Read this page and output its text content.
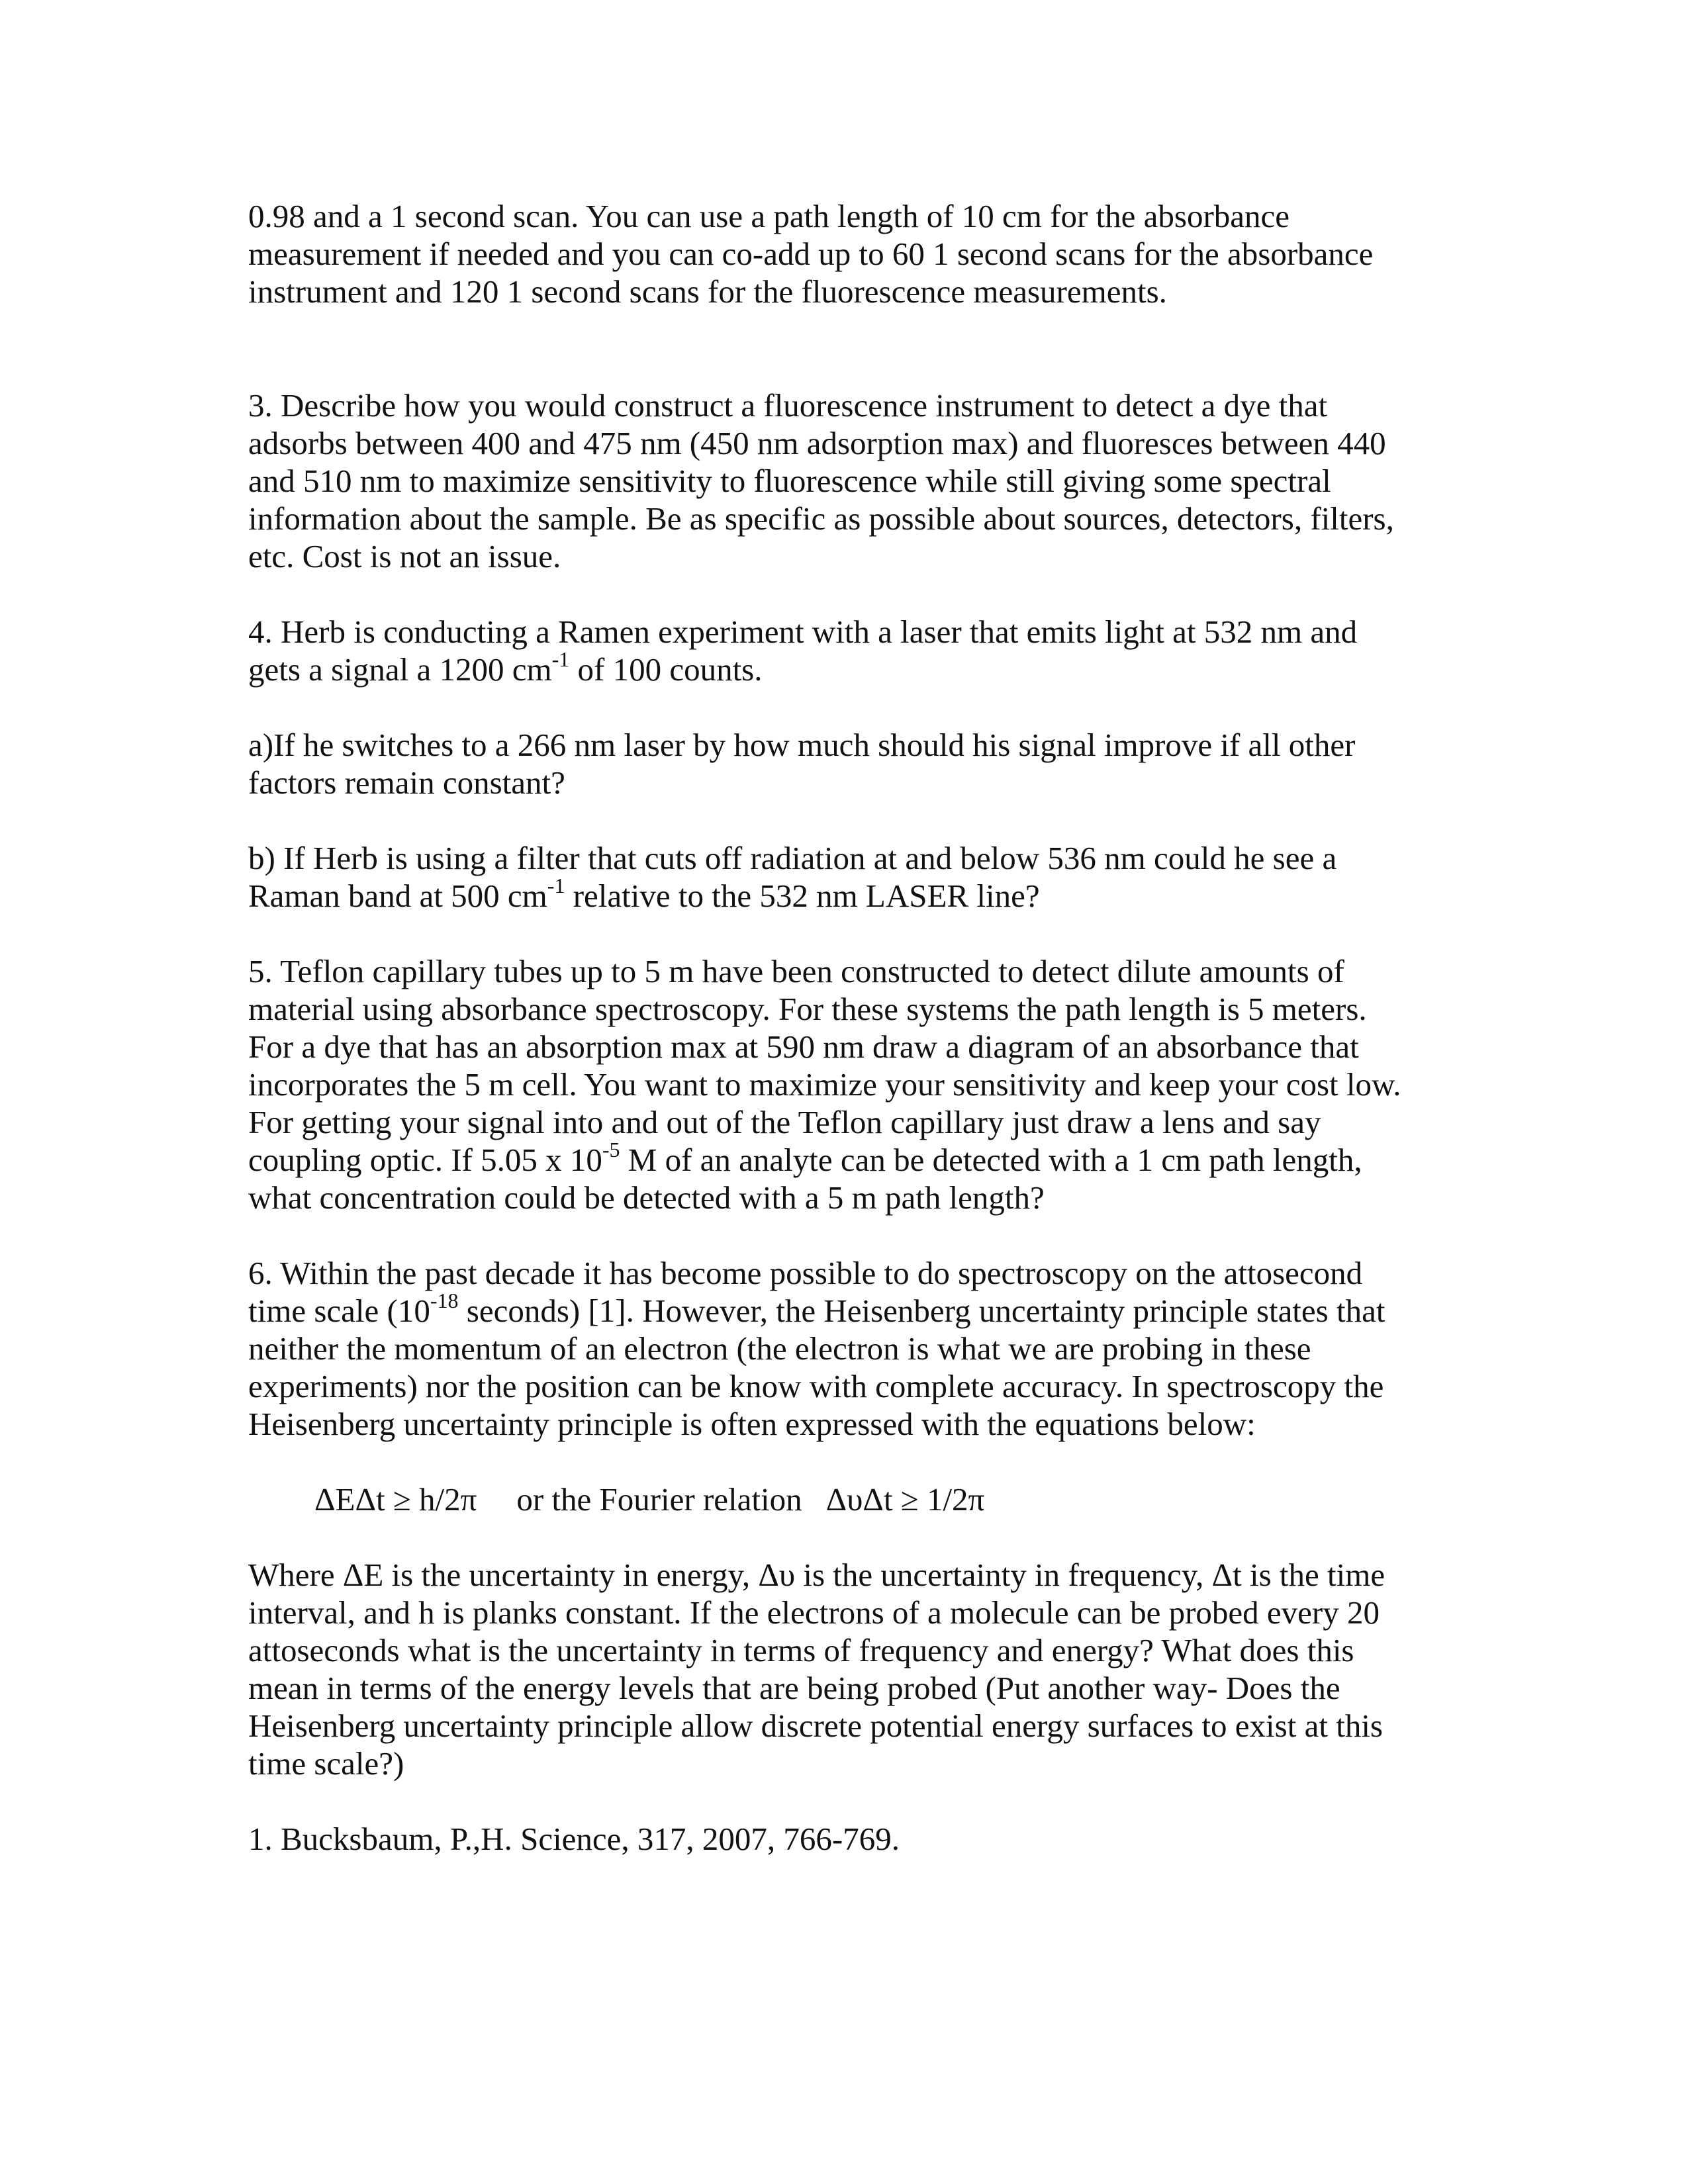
0.98 and a 1 second scan. You can use a path length of 10 cm for the absorbance
measurement if needed and you can co-add up to 60 1 second scans for the absorbance
instrument and 120 1 second scans for the fluorescence measurements.

3. Describe how you would construct a fluorescence instrument to detect a dye that
adsorbs between 400 and 475 nm (450 nm adsorption max) and fluoresces between 440
and 510 nm to maximize sensitivity to fluorescence while still giving some spectral
information about the sample. Be as specific as possible about sources, detectors, filters,
etc. Cost is not an issue.

4. Herb is conducting a Ramen experiment with a laser that emits light at 532 nm and
gets a signal a 1200 $cm^{-1}$ of 100 counts.

a)If he switches to a 266 nm laser by how much should his signal improve if all other
factors remain constant?

b) If Herb is using a filter that cuts off radiation at and below 536 nm could he see a
Raman band at 500 $cm^{-1}$ relative to the 532 nm LASER line?

5. Teflon capillary tubes up to 5 m have been constructed to detect dilute amounts of
material using absorbance spectroscopy. For these systems the path length is 5 meters.
For a dye that has an absorption max at 590 nm draw a diagram of an absorbance that
incorporates the 5 m cell. You want to maximize your sensitivity and keep your cost low.
For getting your signal into and out of the Teflon capillary just draw a lens and say
coupling optic. If 5.05 x $10^{-5}$ M of an analyte can be detected with a 1 cm path length,
what concentration could be detected with a 5 m path length?

6. Within the past decade it has become possible to do spectroscopy on the attosecond
time scale ($10^{-18}$ seconds) [1]. However, the Heisenberg uncertainty principle states that
neither the momentum of an electron (the electron is what we are probing in these
experiments) nor the position can be know with complete accuracy. In spectroscopy the
Heisenberg uncertainty principle is often expressed with the equations below:

ΔEΔt ≥ h/2π or the Fourier relation ΔυΔt ≥ 1/2π

Where ΔE is the uncertainty in energy, Δυ is the uncertainty in frequency, Δt is the time
interval, and h is planks constant. If the electrons of a molecule can be probed every 20
attoseconds what is the uncertainty in terms of frequency and energy? What does this
mean in terms of the energy levels that are being probed (Put another way- Does the
Heisenberg uncertainty principle allow discrete potential energy surfaces to exist at this
time scale?)

1. Bucksbaum, P.,H. Science, 317, 2007, 766-769.
